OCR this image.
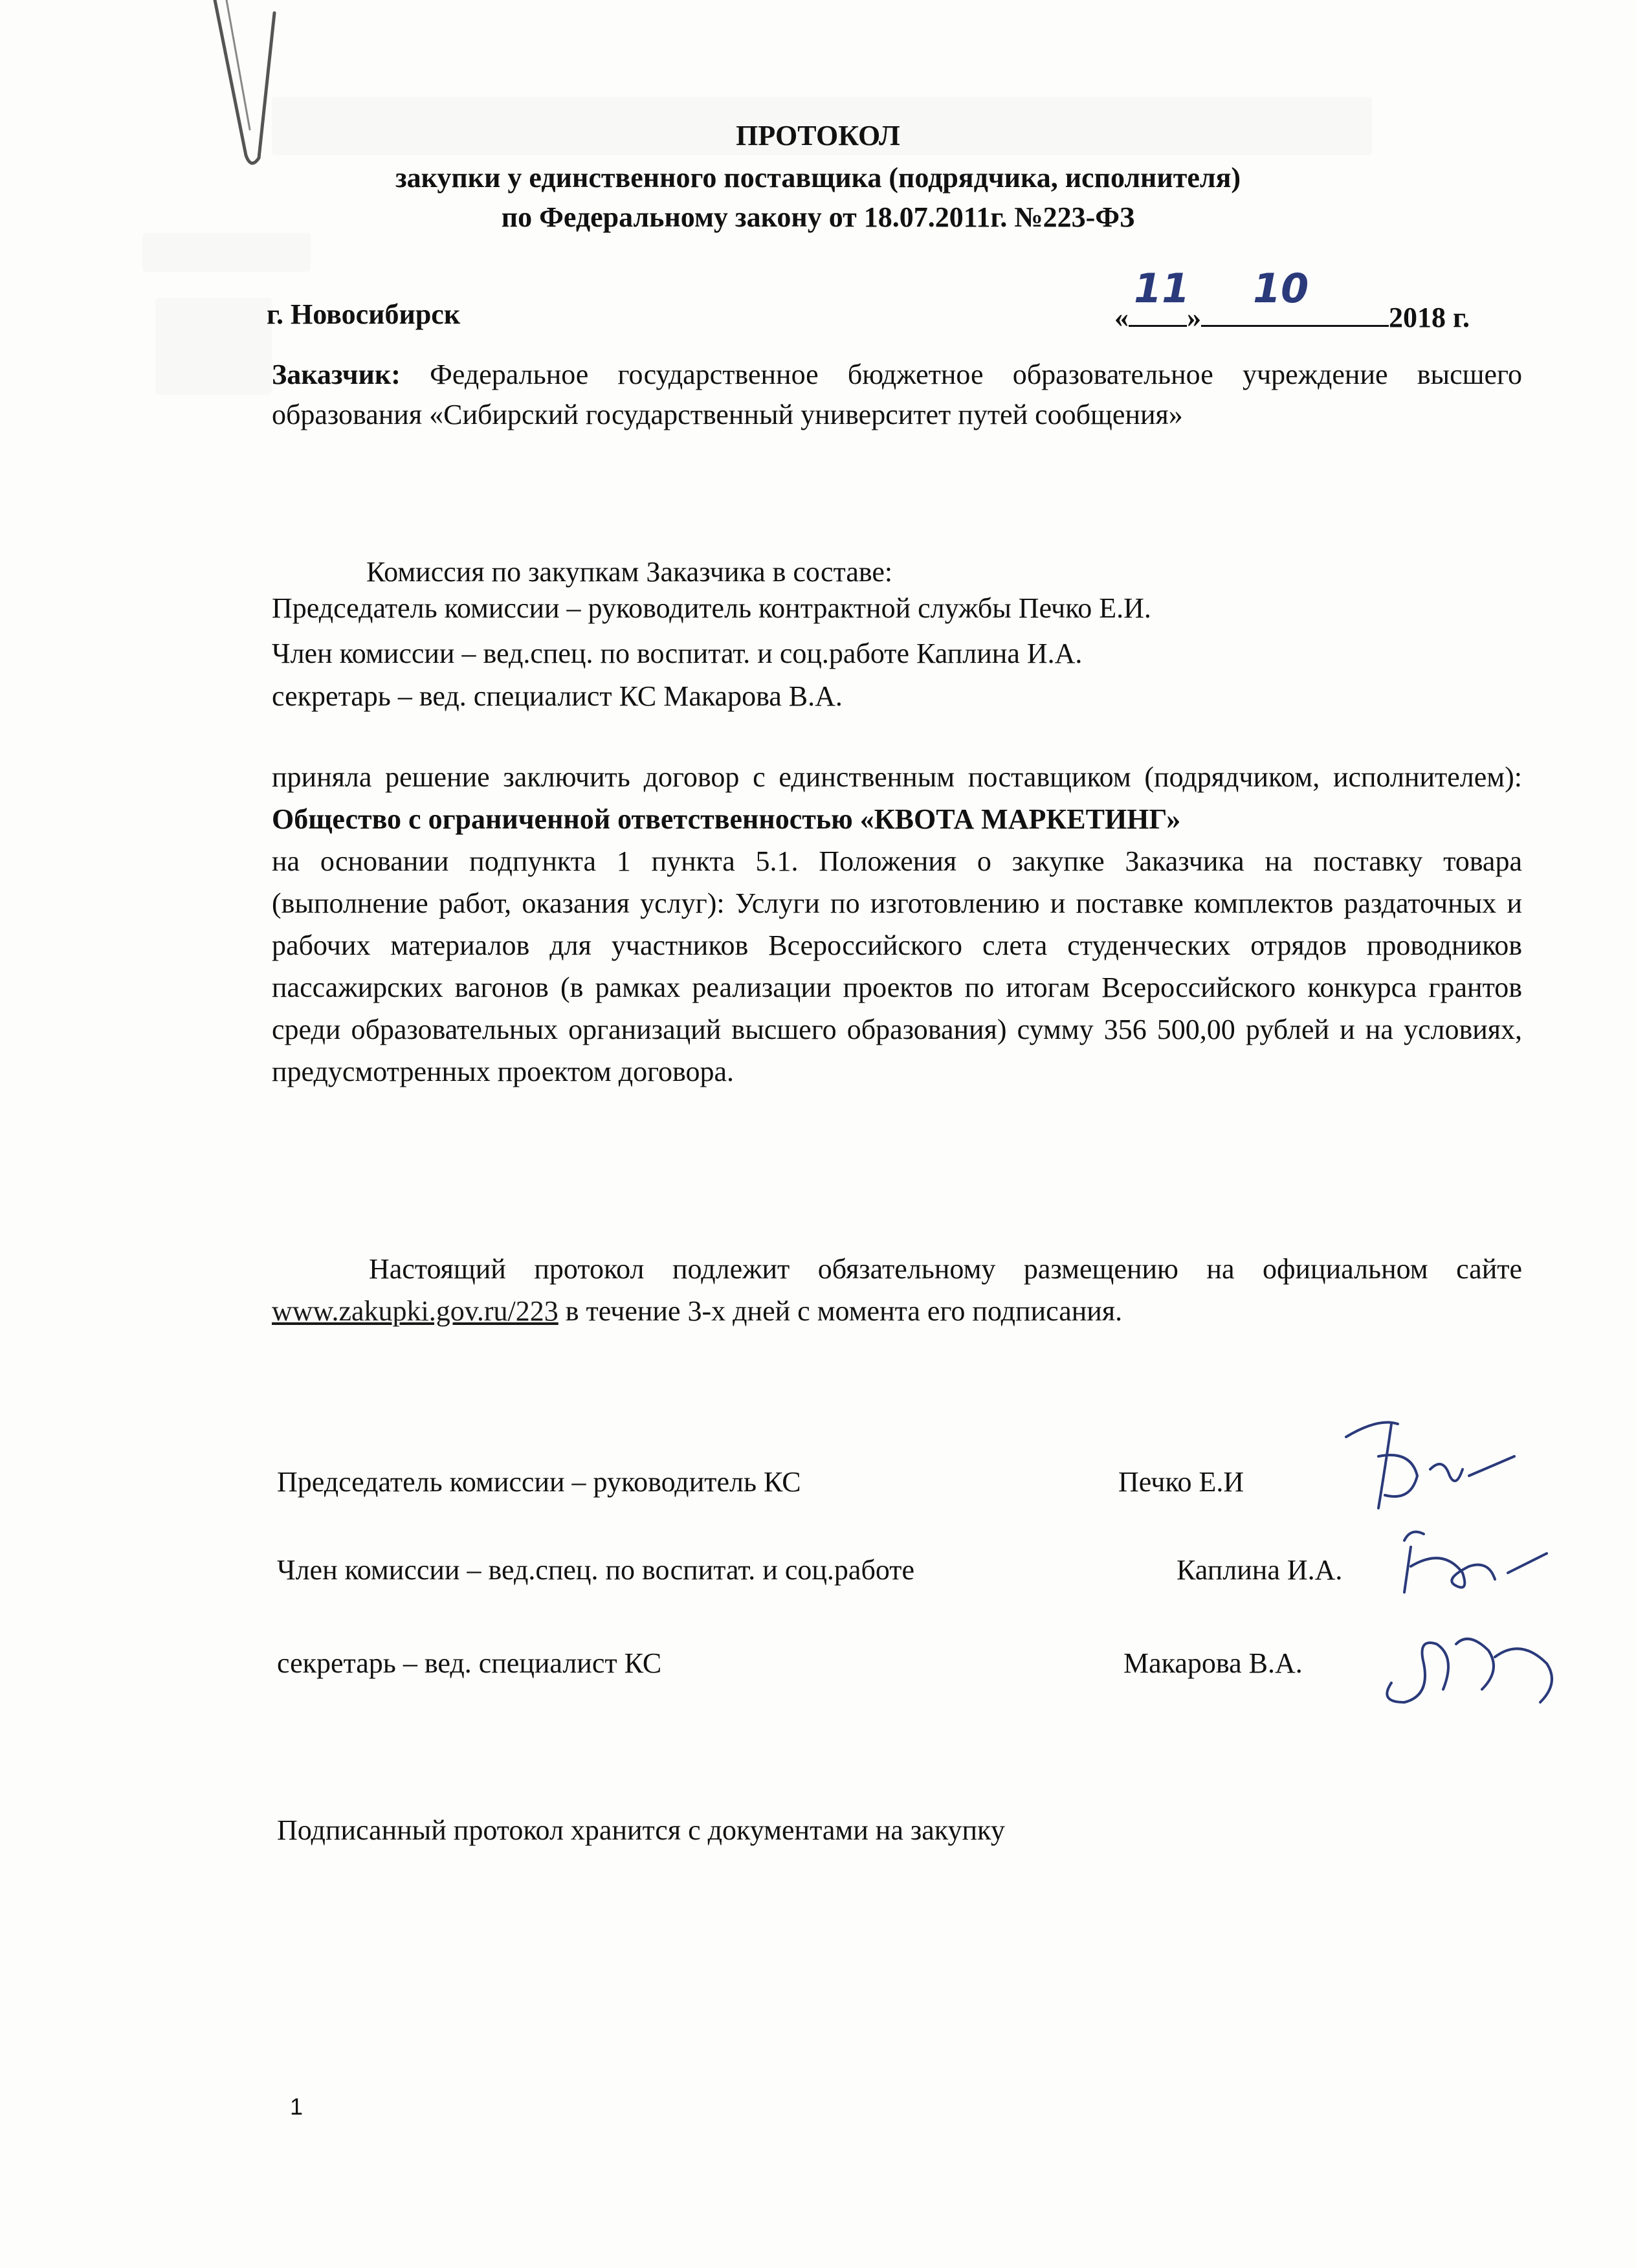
ПРОТОКОЛ
закупки у единственного поставщика (подрядчика, исполнителя)
по Федеральному закону от 18.07.2011г. №223-ФЗ
г. Новосибирск	«
11
»
10
2018 г.
Заказчик: Федеральное государственное бюджетное образовательное учреждение высшего образования «Сибирский государственный университет путей сообщения»
Комиссия по закупкам Заказчика в составе:
Председатель комиссии – руководитель контрактной службы Печко Е.И.
Член комиссии – вед.спец. по воспитат. и соц.работе Каплина И.А.
секретарь – вед. специалист КС Макарова В.А.
приняла решение заключить договор с единственным поставщиком (подрядчиком, исполнителем): Общество с ограниченной ответственностью «КВОТА МАРКЕТИНГ»
на основании подпункта 1 пункта 5.1. Положения о закупке Заказчика на поставку товара (выполнение работ, оказания услуг): Услуги по изготовлению и поставке комплектов раздаточных и рабочих материалов для участников Всероссийского слета студенческих отрядов проводников пассажирских вагонов (в рамках реализации проектов по итогам Всероссийского конкурса грантов среди образовательных организаций высшего образования) сумму 356 500,00 рублей и на условиях, предусмотренных проектом договора.
Настоящий протокол подлежит обязательному размещению на официальном сайте www.zakupki.gov.ru/223 в течение 3-х дней с момента его подписания.
Председатель комиссии – руководитель КС	Печко Е.И
Член комиссии – вед.спец. по воспитат. и соц.работе	Каплина И.А.
секретарь – вед. специалист КС	Макарова В.А.
Подписанный протокол хранится с документами на закупку
1
